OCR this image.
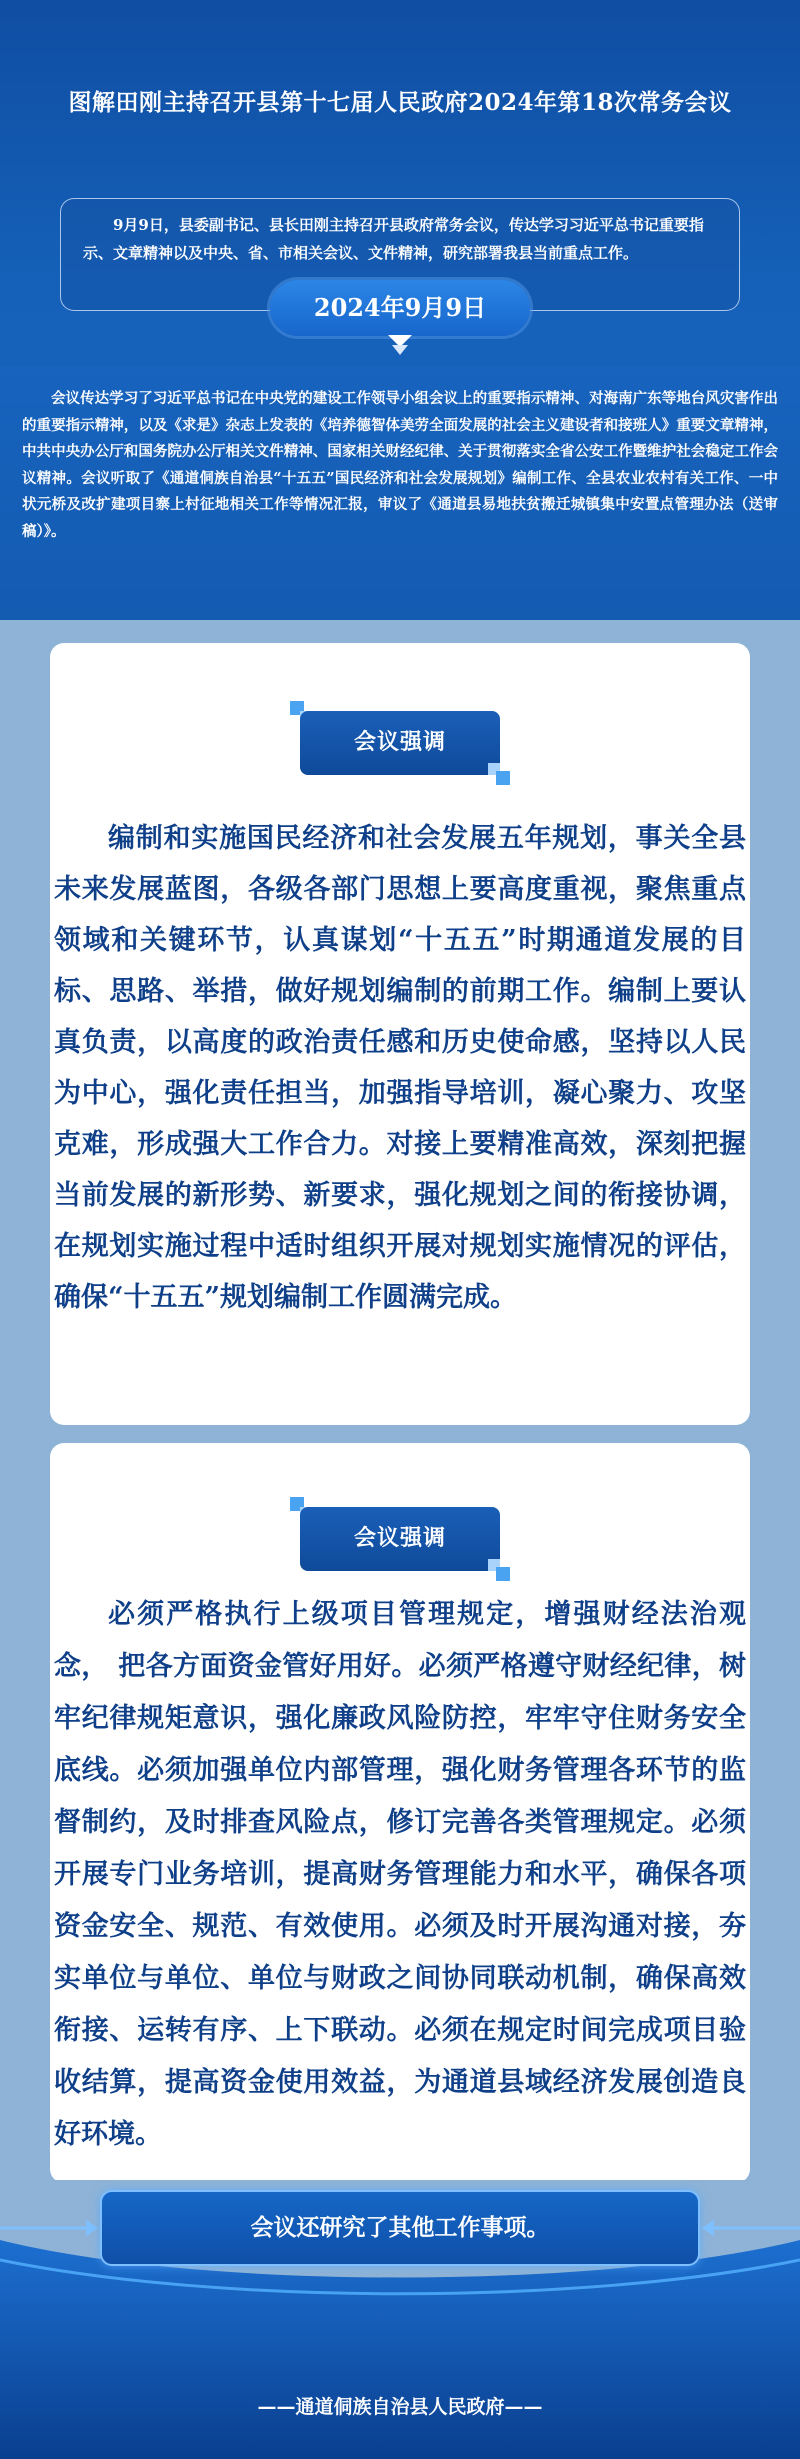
图解田刚主持召开县第十七届人民政府2024年第18次常务会议
9月9日，县委副书记、县长田刚主持召开县政府常务会议，传达学习习近平总书记重要指示、文章精神以及中央、省、市相关会议、文件精神，研究部署我县当前重点工作。
2024年9月9日
会议传达学习了习近平总书记在中央党的建设工作领导小组会议上的重要指示精神、对海南广东等地台风灾害作出的重要指示精神，以及《求是》杂志上发表的《培养德智体美劳全面发展的社会主义建设者和接班人》重要文章精神，中共中央办公厅和国务院办公厅相关文件精神、国家相关财经纪律、关于贯彻落实全省公安工作暨维护社会稳定工作会议精神。会议听取了《通道侗族自治县“十五五”国民经济和社会发展规划》编制工作、全县农业农村有关工作、一中状元桥及改扩建项目寨上村征地相关工作等情况汇报，审议了《通道县易地扶贫搬迁城镇集中安置点管理办法（送审稿）》。
会议强调
编制和实施国民经济和社会发展五年规划，事关全县未来发展蓝图，各级各部门思想上要高度重视，聚焦重点领域和关键环节，认真谋划“十五五”时期通道发展的目标、思路、举措，做好规划编制的前期工作。编制上要认真负责，以高度的政治责任感和历史使命感，坚持以人民为中心，强化责任担当，加强指导培训，凝心聚力、攻坚克难，形成强大工作合力。对接上要精准高效，深刻把握当前发展的新形势、新要求，强化规划之间的衔接协调，在规划实施过程中适时组织开展对规划实施情况的评估，确保“十五五”规划编制工作圆满完成。
会议强调
必须严格执行上级项目管理规定，增强财经法治观念， 把各方面资金管好用好。必须严格遵守财经纪律，树牢纪律规矩意识，强化廉政风险防控，牢牢守住财务安全底线。必须加强单位内部管理，强化财务管理各环节的监督制约，及时排查风险点，修订完善各类管理规定。必须开展专门业务培训，提高财务管理能力和水平，确保各项资金安全、规范、有效使用。必须及时开展沟通对接，夯实单位与单位、单位与财政之间协同联动机制，确保高效衔接、运转有序、上下联动。必须在规定时间完成项目验收结算，提高资金使用效益，为通道县域经济发展创造良好环境。
会议还研究了其他工作事项。
——通道侗族自治县人民政府——
